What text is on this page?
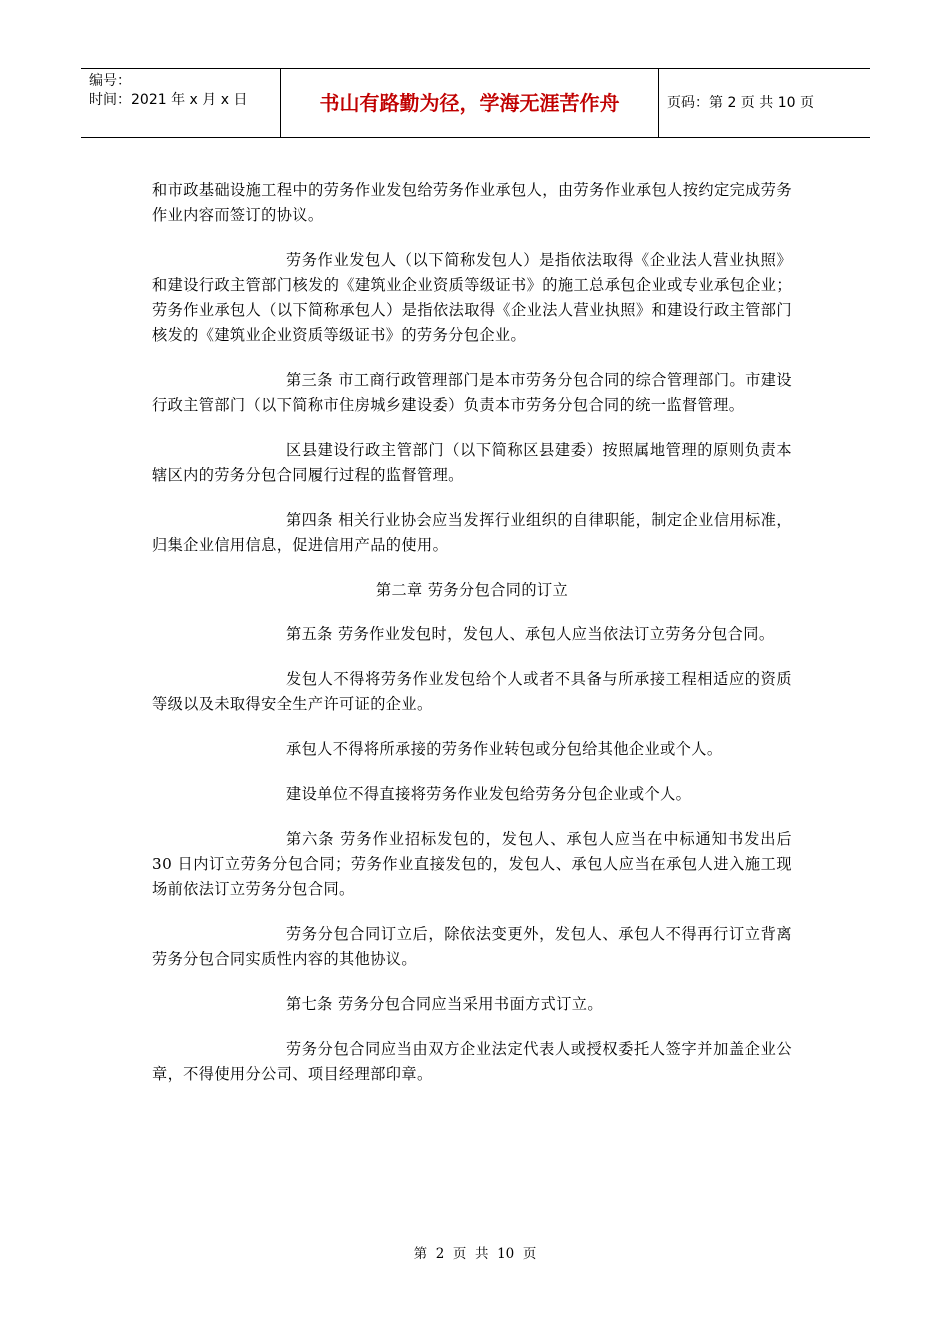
编号：
时间：2021 年 x 月 x 日	书山有路勤为径，学海无涯苦作舟	页码：第 2 页 共 10 页

和市政基础设施工程中的劳务作业发包给劳务作业承包人，由劳务作业承包人按约定完成劳务作业内容而签订的协议。

劳务作业发包人（以下简称发包人）是指依法取得《企业法人营业执照》和建设行政主管部门核发的《建筑业企业资质等级证书》的施工总承包企业或专业承包企业；劳务作业承包人（以下简称承包人）是指依法取得《企业法人营业执照》和建设行政主管部门核发的《建筑业企业资质等级证书》的劳务分包企业。

第三条 市工商行政管理部门是本市劳务分包合同的综合管理部门。市建设行政主管部门（以下简称市住房城乡建设委）负责本市劳务分包合同的统一监督管理。

区县建设行政主管部门（以下简称区县建委）按照属地管理的原则负责本辖区内的劳务分包合同履行过程的监督管理。

第四条 相关行业协会应当发挥行业组织的自律职能，制定企业信用标准，归集企业信用信息，促进信用产品的使用。

第二章 劳务分包合同的订立

第五条 劳务作业发包时，发包人、承包人应当依法订立劳务分包合同。

发包人不得将劳务作业发包给个人或者不具备与所承接工程相适应的资质等级以及未取得安全生产许可证的企业。

承包人不得将所承接的劳务作业转包或分包给其他企业或个人。

建设单位不得直接将劳务作业发包给劳务分包企业或个人。

第六条 劳务作业招标发包的，发包人、承包人应当在中标通知书发出后 30 日内订立劳务分包合同；劳务作业直接发包的，发包人、承包人应当在承包人进入施工现场前依法订立劳务分包合同。

劳务分包合同订立后，除依法变更外，发包人、承包人不得再行订立背离劳务分包合同实质性内容的其他协议。

第七条 劳务分包合同应当采用书面方式订立。

劳务分包合同应当由双方企业法定代表人或授权委托人签字并加盖企业公章，不得使用分公司、项目经理部印章。

第  2  页  共  10  页
